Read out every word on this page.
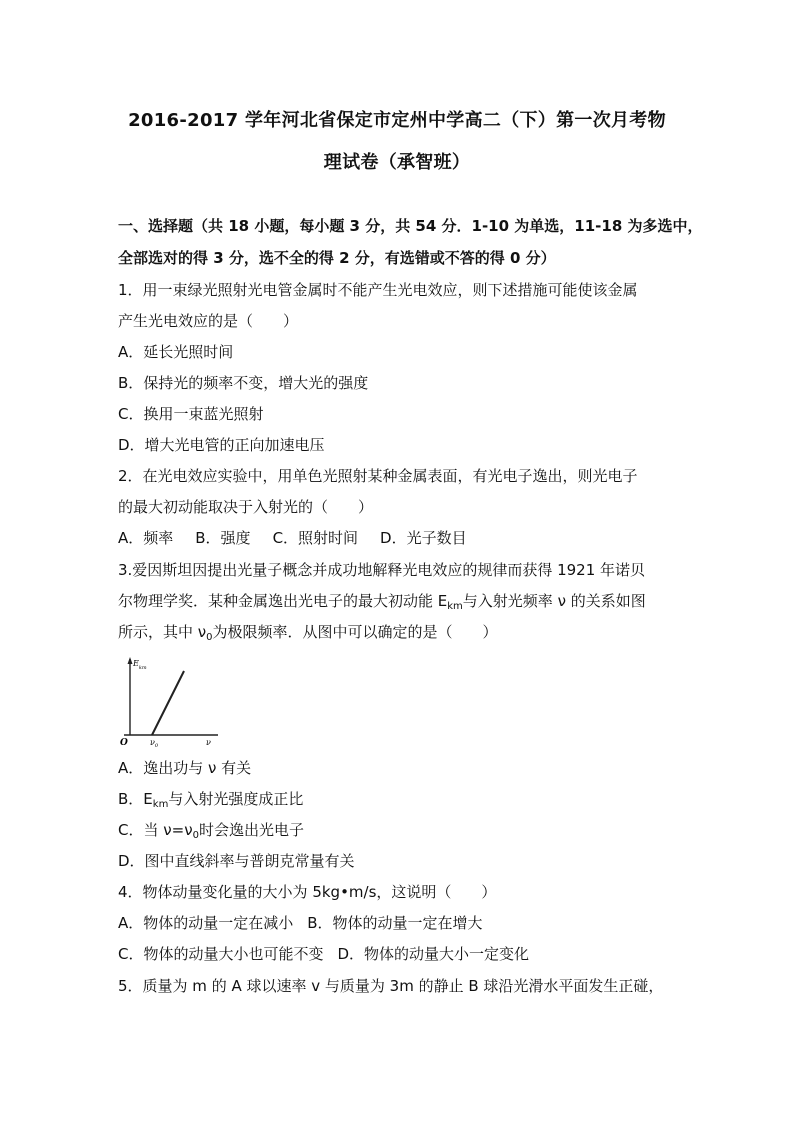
2016-2017 学年河北省保定市定州中学高二（下）第一次月考物
理试卷（承智班）
一、选择题（共 18 小题，每小题 3 分，共 54 分．1-10 为单选，11-18 为多选中，
全部选对的得 3 分，选不全的得 2 分，有选错或不答的得 0 分）
1．用一束绿光照射光电管金属时不能产生光电效应，则下述措施可能使该金属
产生光电效应的是（　　）
A．延长光照时间
B．保持光的频率不变，增大光的强度
C．换用一束蓝光照射
D．增大光电管的正向加速电压
2．在光电效应实验中，用单色光照射某种金属表面，有光电子逸出，则光电子
的最大初动能取决于入射光的（　　）
A．频率 B．强度 C．照射时间 D．光子数目
3.爱因斯坦因提出光量子概念并成功地解释光电效应的规律而获得 1921 年诺贝
尔物理学奖．某种金属逸出光电子的最大初动能 $E_{km}$与入射光频率 ν 的关系如图
所示，其中 $\nu_0$为极限频率．从图中可以确定的是（　　）
$E_{km}$
O	$\nu_0$	ν
A．逸出功与 ν 有关
B．$E_{km}$与入射光强度成正比
C．当 $\nu=\nu_0$时会逸出光电子
D．图中直线斜率与普朗克常量有关
4．物体动量变化量的大小为 5kg•m/s，这说明（　　）
A．物体的动量一定在减小 B．物体的动量一定在增大
C．物体的动量大小也可能不变 D．物体的动量大小一定变化
5．质量为 m 的 A 球以速率 v 与质量为 3m 的静止 B 球沿光滑水平面发生正碰，
